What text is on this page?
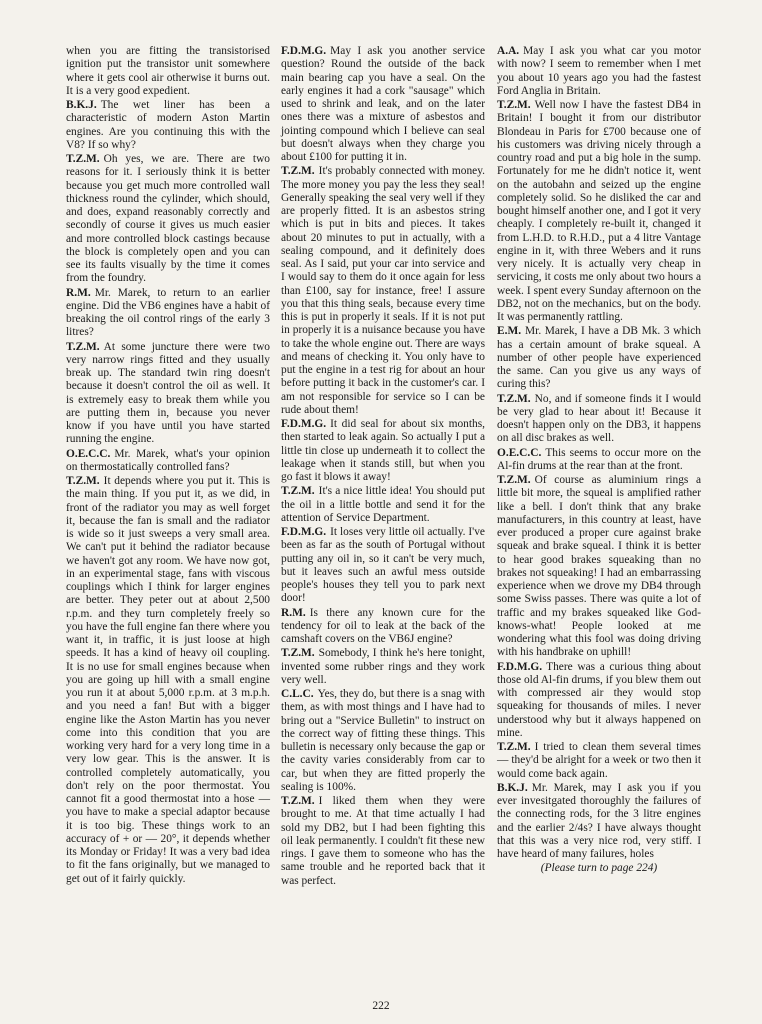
when you are fitting the transistorised ignition put the transistor unit somewhere where it gets cool air otherwise it burns out. It is a very good expedient.

B.K.J. The wet liner has been a characteristic of modern Aston Martin engines. Are you continuing this with the V8? If so why?

T.Z.M. Oh yes, we are. There are two reasons for it. I seriously think it is better because you get much more controlled wall thickness round the cylinder, which should, and does, expand reasonably correctly and secondly of course it gives us much easier and more controlled block castings because the block is completely open and you can see its faults visually by the time it comes from the foundry.

R.M. Mr. Marek, to return to an earlier engine. Did the VB6 engines have a habit of breaking the oil control rings of the early 3 litres?

T.Z.M. At some juncture there were two very narrow rings fitted and they usually break up. The standard twin ring doesn't because it doesn't control the oil as well. It is extremely easy to break them while you are putting them in, because you never know if you have until you have started running the engine.

O.E.C.C. Mr. Marek, what's your opinion on thermostatically controlled fans?

T.Z.M. It depends where you put it. This is the main thing. If you put it, as we did, in front of the radiator you may as well forget it, because the fan is small and the radiator is wide so it just sweeps a very small area. We can't put it behind the radiator because we haven't got any room. We have now got, in an experimental stage, fans with viscous couplings which I think for larger engines are better. They peter out at about 2,500 r.p.m. and they turn completely freely so you have the full engine fan there where you want it, in traffic, it is just loose at high speeds. It has a kind of heavy oil coupling. It is no use for small engines because when you are going up hill with a small engine you run it at about 5,000 r.p.m. at 3 m.p.h. and you need a fan! But with a bigger engine like the Aston Martin has you never come into this condition that you are working very hard for a very long time in a very low gear. This is the answer. It is controlled completely automatically, you don't rely on the poor thermostat. You cannot fit a good thermostat into a hose — you have to make a special adaptor because it is too big. These things work to an accuracy of + or — 20°, it depends whether its Monday or Friday! It was a very bad idea to fit the fans originally, but we managed to get out of it fairly quickly.

F.D.M.G. May I ask you another service question? Round the outside of the back main bearing cap you have a seal. On the early engines it had a cork "sausage" which used to shrink and leak, and on the later ones there was a mixture of asbestos and jointing compound which I believe can seal but doesn't always when they charge you about £100 for putting it in.

T.Z.M. It's probably connected with money. The more money you pay the less they seal! Generally speaking the seal very well if they are properly fitted. It is an asbestos string which is put in bits and pieces. It takes about 20 minutes to put in actually, with a sealing compound, and it definitely does seal. As I said, put your car into service and I would say to them do it once again for less than £100, say for instance, free! I assure you that this thing seals, because every time this is put in properly it seals. If it is not put in properly it is a nuisance because you have to take the whole engine out. There are ways and means of checking it. You only have to put the engine in a test rig for about an hour before putting it back in the customer's car. I am not responsible for service so I can be rude about them!

F.D.M.G. It did seal for about six months, then started to leak again. So actually I put a little tin close up underneath it to collect the leakage when it stands still, but when you go fast it blows it away!

T.Z.M. It's a nice little idea! You should put the oil in a little bottle and send it for the attention of Service Department.

F.D.M.G. It loses very little oil actually. I've been as far as the south of Portugal without putting any oil in, so it can't be very much, but it leaves such an awful mess outside people's houses they tell you to park next door!

R.M. Is there any known cure for the tendency for oil to leak at the back of the camshaft covers on the VB6J engine?

T.Z.M. Somebody, I think he's here tonight, invented some rubber rings and they work very well.

C.L.C. Yes, they do, but there is a snag with them, as with most things and I have had to bring out a "Service Bulletin" to instruct on the correct way of fitting these things. This bulletin is necessary only because the gap or the cavity varies considerably from car to car, but when they are fitted properly the sealing is 100%.

T.Z.M. I liked them when they were brought to me. At that time actually I had sold my DB2, but I had been fighting this oil leak permanently. I couldn't fit these new rings. I gave them to someone who has the same trouble and he reported back that it was perfect.

A.A. May I ask you what car you motor with now? I seem to remember when I met you about 10 years ago you had the fastest Ford Anglia in Britain.

T.Z.M. Well now I have the fastest DB4 in Britain! I bought it from our distributor Blondeau in Paris for £700 because one of his customers was driving nicely through a country road and put a big hole in the sump. Fortunately for me he didn't notice it, went on the autobahn and seized up the engine completely solid. So he disliked the car and bought himself another one, and I got it very cheaply. I completely re-built it, changed it from L.H.D. to R.H.D., put a 4 litre Vantage engine in it, with three Webers and it runs very nicely. It is actually very cheap in servicing, it costs me only about two hours a week. I spent every Sunday afternoon on the DB2, not on the mechanics, but on the body. It was permanently rattling.

E.M. Mr. Marek, I have a DB Mk. 3 which has a certain amount of brake squeal. A number of other people have experienced the same. Can you give us any ways of curing this?

T.Z.M. No, and if someone finds it I would be very glad to hear about it! Because it doesn't happen only on the DB3, it happens on all disc brakes as well.

O.E.C.C. This seems to occur more on the Al-fin drums at the rear than at the front.

T.Z.M. Of course as aluminium rings a little bit more, the squeal is amplified rather like a bell. I don't think that any brake manufacturers, in this country at least, have ever produced a proper cure against brake squeak and brake squeal. I think it is better to hear good brakes squeaking than no brakes not squeaking! I had an embarrassing experience when we drove my DB4 through some Swiss passes. There was quite a lot of traffic and my brakes squeaked like God-knows-what! People looked at me wondering what this fool was doing driving with his handbrake on uphill!

F.D.M.G. There was a curious thing about those old Al-fin drums, if you blew them out with compressed air they would stop squeaking for thousands of miles. I never understood why but it always happened on mine.

T.Z.M. I tried to clean them several times — they'd be alright for a week or two then it would come back again.

B.K.J. Mr. Marek, may I ask you if you ever invesitgated thoroughly the failures of the connecting rods, for the 3 litre engines and the earlier 2/4s? I have always thought that this was a very nice rod, very stiff. I have heard of many failures, holes

(Please turn to page 224)

222
